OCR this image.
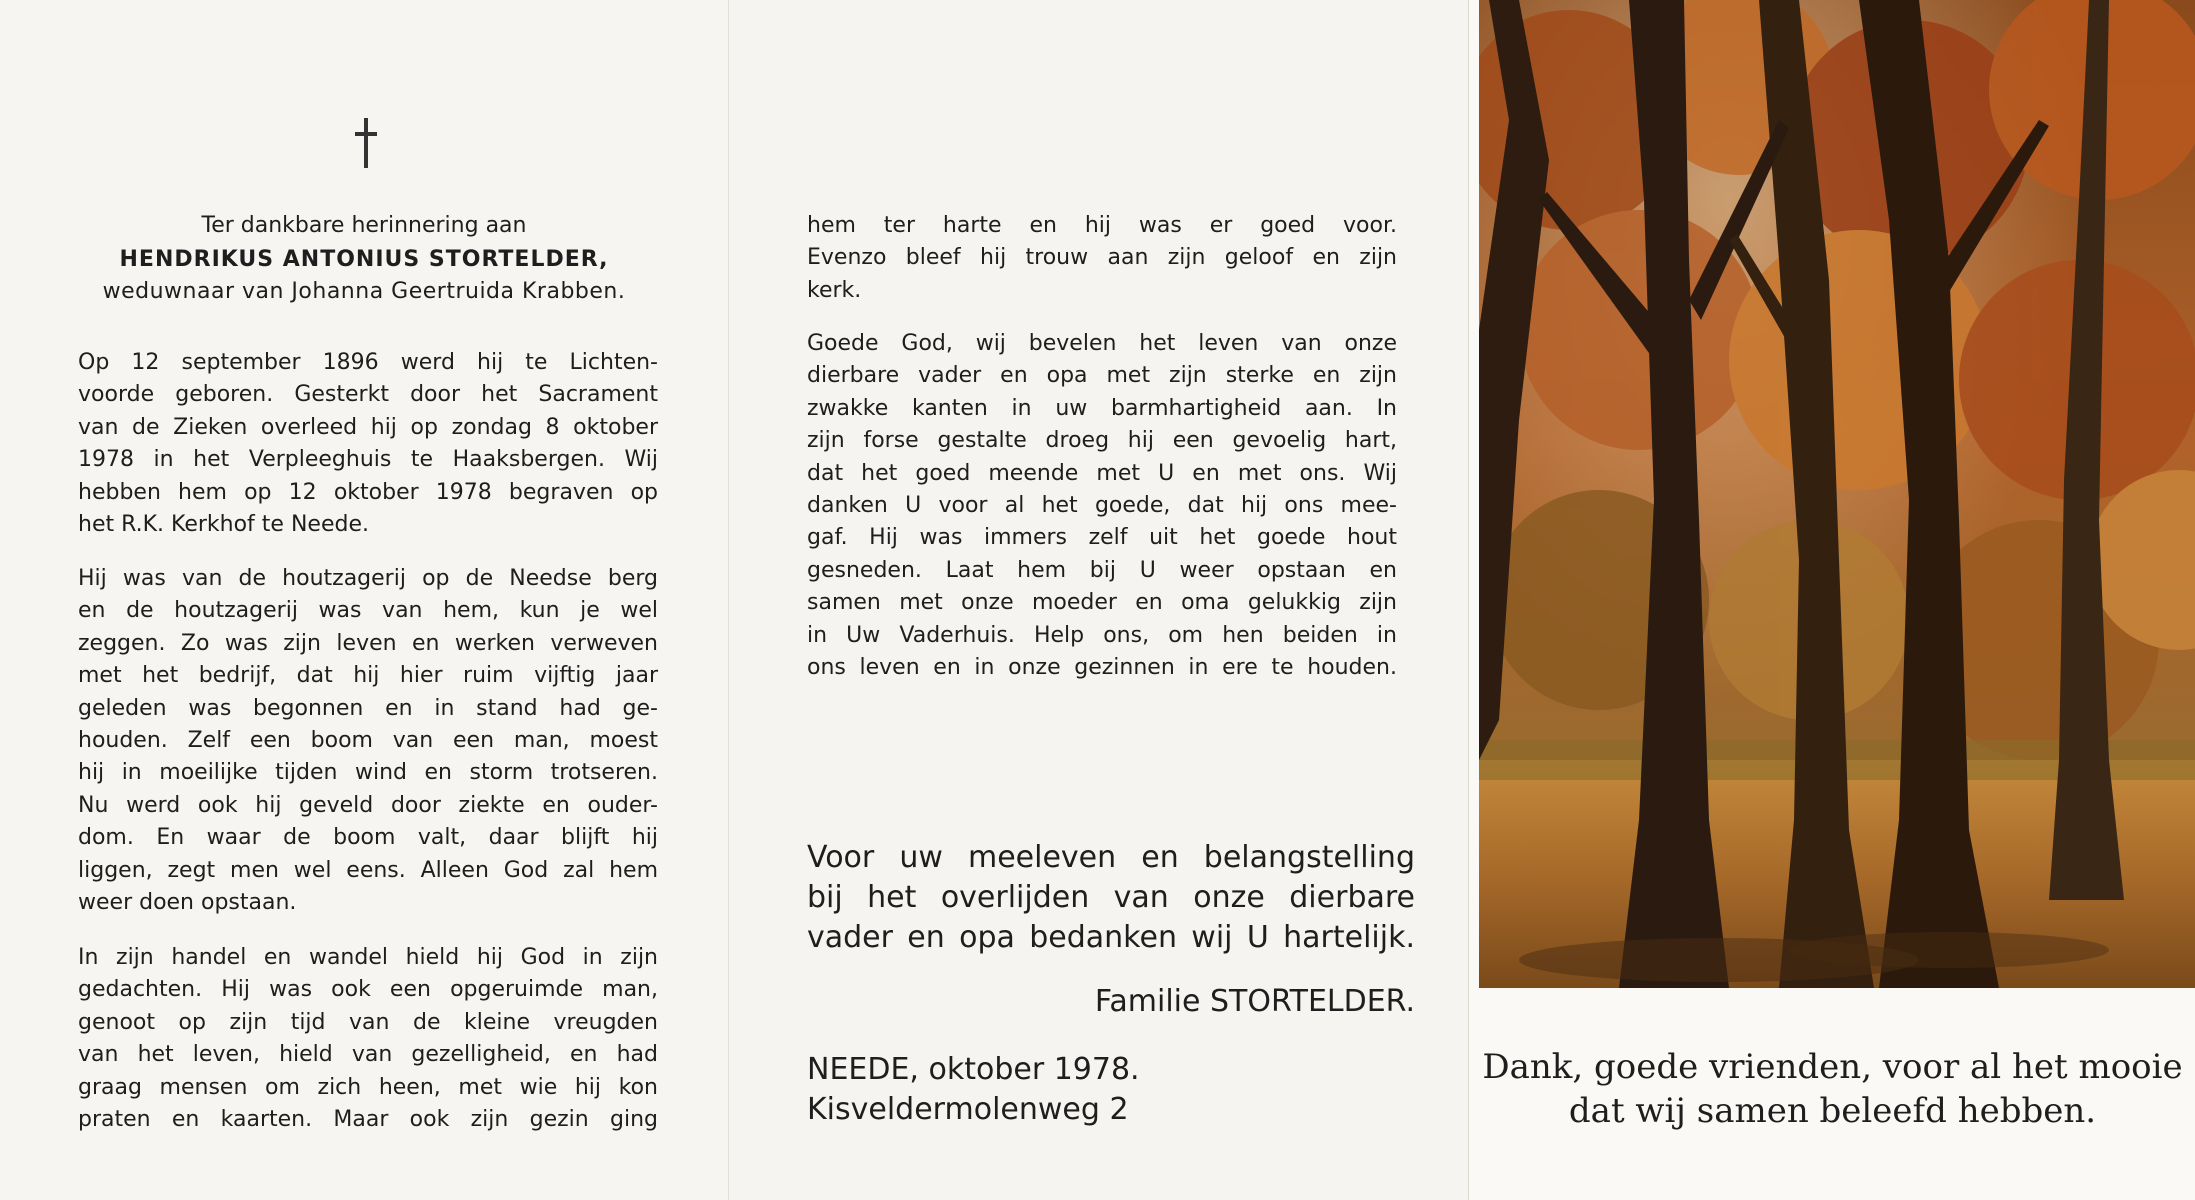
Ter dankbare herinnering aan
HENDRIKUS ANTONIUS STORTELDER,
weduwnaar van Johanna Geertruida Krabben.

Op 12 september 1896 werd hij te Lichten-
voorde geboren. Gesterkt door het Sacrament
van de Zieken overleed hij op zondag 8 oktober
1978 in het Verpleeghuis te Haaksbergen. Wij
hebben hem op 12 oktober 1978 begraven op
het R.K. Kerkhof te Neede.

Hij was van de houtzagerij op de Needse berg
en de houtzagerij was van hem, kun je wel
zeggen. Zo was zijn leven en werken verweven
met het bedrijf, dat hij hier ruim vijftig jaar
geleden was begonnen en in stand had ge-
houden. Zelf een boom van een man, moest
hij in moeilijke tijden wind en storm trotseren.
Nu werd ook hij geveld door ziekte en ouder-
dom. En waar de boom valt, daar blijft hij
liggen, zegt men wel eens. Alleen God zal hem
weer doen opstaan.

In zijn handel en wandel hield hij God in zijn
gedachten. Hij was ook een opgeruimde man,
genoot op zijn tijd van de kleine vreugden
van het leven, hield van gezelligheid, en had
graag mensen om zich heen, met wie hij kon
praten en kaarten. Maar ook zijn gezin ging

hem ter harte en hij was er goed voor.
Evenzo bleef hij trouw aan zijn geloof en zijn
kerk.

Goede God, wij bevelen het leven van onze
dierbare vader en opa met zijn sterke en zijn
zwakke kanten in uw barmhartigheid aan. In
zijn forse gestalte droeg hij een gevoelig hart,
dat het goed meende met U en met ons. Wij
danken U voor al het goede, dat hij ons mee-
gaf. Hij was immers zelf uit het goede hout
gesneden. Laat hem bij U weer opstaan en
samen met onze moeder en oma gelukkig zijn
in Uw Vaderhuis. Help ons, om hen beiden in
ons leven en in onze gezinnen in ere te houden.

Voor uw meeleven en belangstelling
bij het overlijden van onze dierbare
vader en opa bedanken wij U hartelijk.

Familie STORTELDER.
NEEDE, oktober 1978.
Kisveldermolenweg 2
Dank, goede vrienden, voor al het mooie
dat wij samen beleefd hebben.
